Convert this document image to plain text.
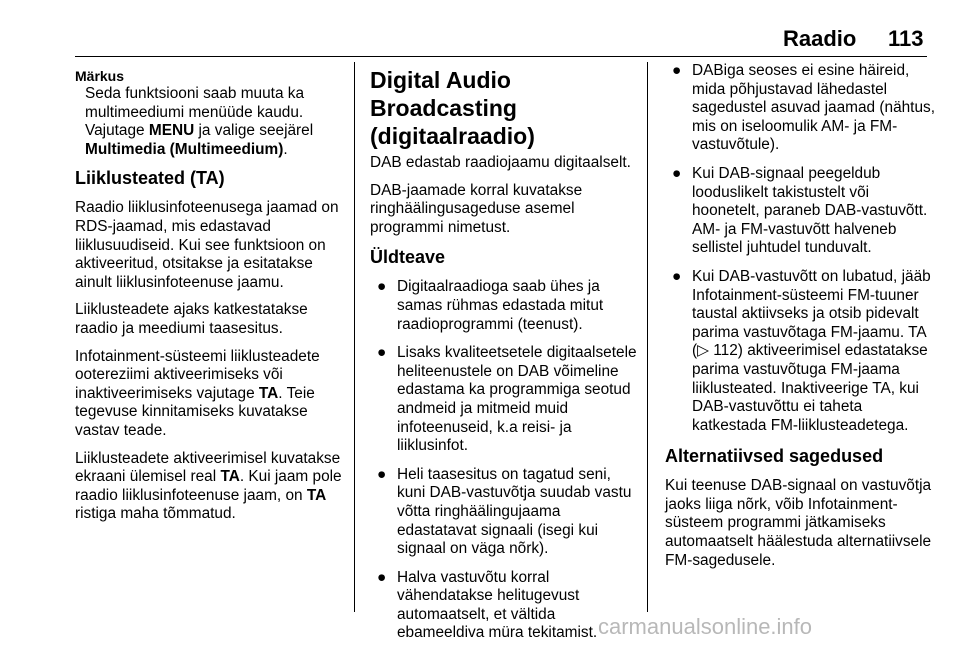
Raadio 113
Märkus
Seda funktsiooni saab muuta ka multimeediumi menüüde kaudu. Vajutage MENU ja valige seejärel Multimedia (Multimeedium).
Liiklusteated (TA)

Raadio liiklusinfoteenusega jaamad on RDS-jaamad, mis edastavad liiklusuudiseid. Kui see funktsioon on aktiveeritud, otsitakse ja esitatakse ainult liiklusinfoteenuse jaamu.

Liiklusteadete ajaks katkestatakse raadio ja meediumi taasesitus.

Infotainment-süsteemi liiklusteadete ootereziimi aktiveerimiseks või inaktiveerimiseks vajutage TA. Teie tegevuse kinnitamiseks kuvatakse vastav teade.

Liiklusteadete aktiveerimisel kuvatakse ekraani ülemisel real TA. Kui jaam pole raadio liiklusinfoteenuse jaam, on TA ristiga maha tõmmatud.

Digital Audio Broadcasting (digitaalraadio)

DAB edastab raadiojaamu digitaalselt.

DAB-jaamade korral kuvatakse ringhäälingusageduse asemel programmi nimetust.

Üldteave
● Digitaalraadioga saab ühes ja samas rühmas edastada mitut raadioprogrammi (teenust).
● Lisaks kvaliteetsetele digitaalsetele heliteenustele on DAB võimeline edastama ka programmiga seotud andmeid ja mitmeid muid infoteenuseid, k.a reisi- ja liiklusinfot.
● Heli taasesitus on tagatud seni, kuni DAB-vastuvõtja suudab vastu võtta ringhäälingujaama edastatavat signaali (isegi kui signaal on väga nõrk).
● Halva vastuvõtu korral vähendatakse helitugevust automaatselt, et vältida ebameeldiva müra tekitamist.
● DABiga seoses ei esine häireid, mida põhjustavad lähedastel sagedustel asuvad jaamad (nähtus, mis on iseloomulik AM- ja FM-vastuvõtule).
● Kui DAB-signaal peegeldub looduslikelt takistustelt või hoonetelt, paraneb DAB-vastuvõtt. AM- ja FM-vastuvõtt halveneb sellistel juhtudel tunduvalt.
● Kui DAB-vastuvõtt on lubatud, jääb Infotainment-süsteemi FM-tuuner taustal aktiivseks ja otsib pidevalt parima vastuvõtaga FM-jaamu. TA (▷ 112) aktiveerimisel edastatakse parima vastuvõtuga FM-jaama liiklusteated. Inaktiveerige TA, kui DAB-vastuvõttu ei taheta katkestada FM-liiklusteadetega.
Alternatiivsed sagedused

Kui teenuse DAB-signaal on vastuvõtja jaoks liiga nõrk, võib Infotainment-süsteem programmi jätkamiseks automaatselt häälestuda alternatiivsele FM-sagedusele.

carmanualsonline.info
